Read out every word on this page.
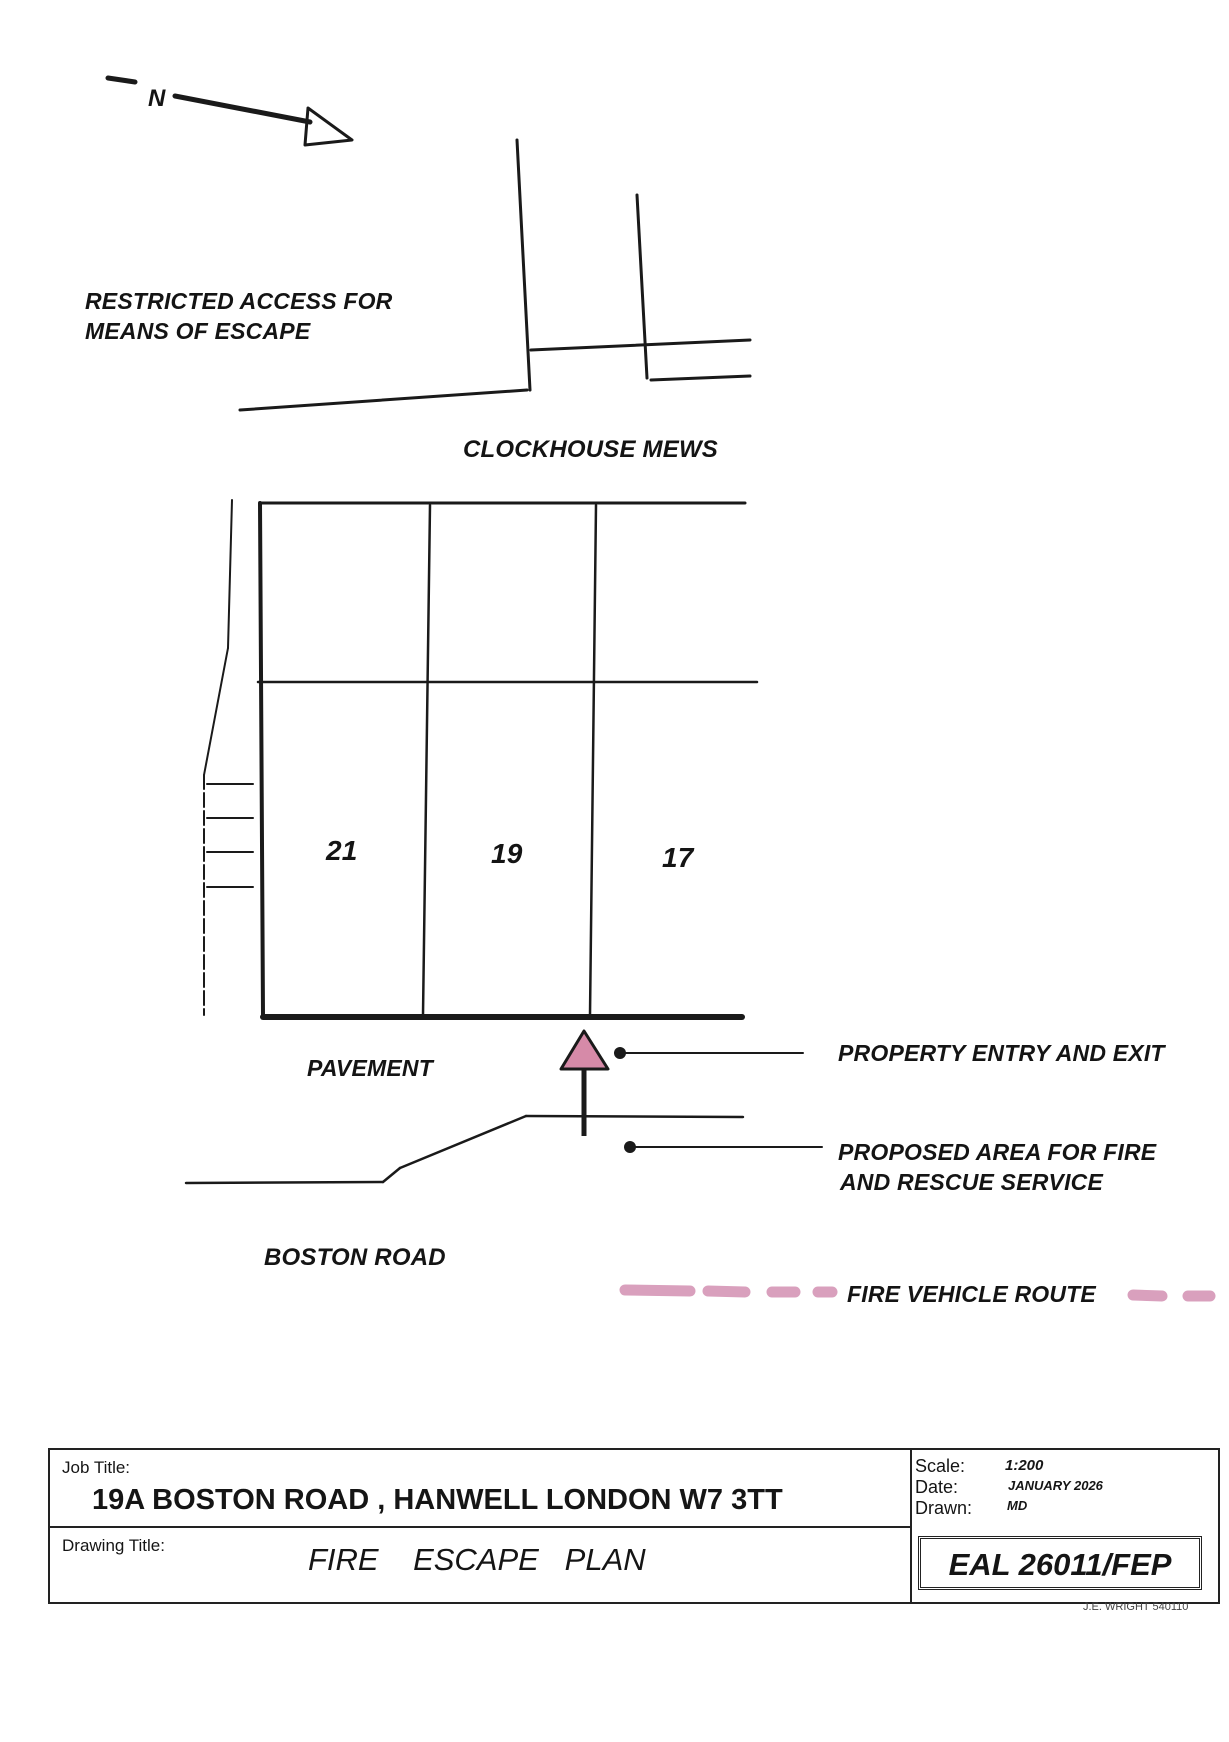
N
RESTRICTED ACCESS FOR
MEANS OF ESCAPE
CLOCKHOUSE MEWS
21	19	17
PAVEMENT
BOSTON ROAD
PROPERTY ENTRY AND EXIT
PROPOSED AREA FOR FIRE
AND RESCUE SERVICE
FIRE VEHICLE ROUTE
Job Title:
19A BOSTON ROAD , HANWELL LONDON W7 3TT
Drawing Title:	FIRE    ESCAPE   PLAN
Scale:	1:200
Date:	JANUARY 2026
Drawn:	MD
EAL 26011/FEP
J.E. WRIGHT 540110
